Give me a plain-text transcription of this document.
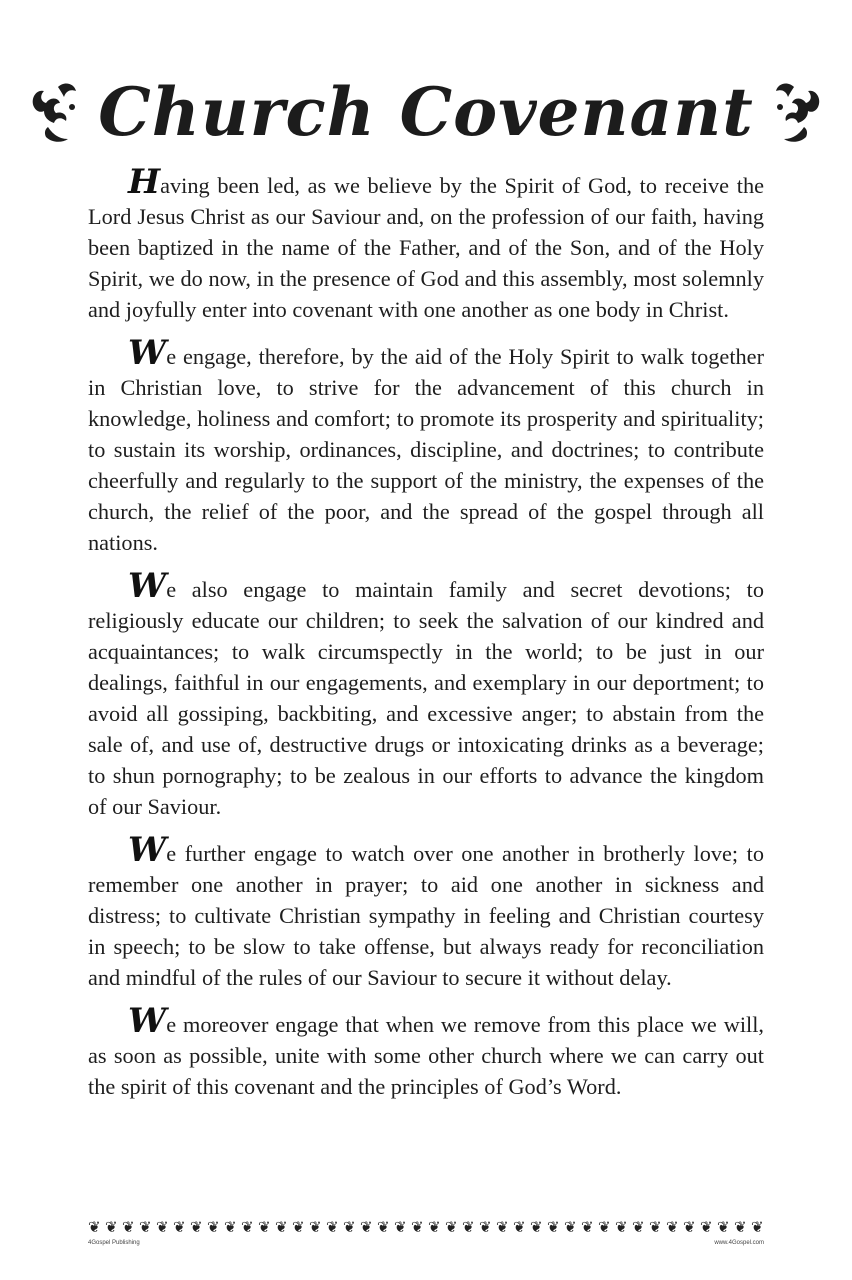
Church Covenant

Having been led, as we believe by the Spirit of God, to receive the Lord Jesus Christ as our Saviour and, on the profession of our faith, having been baptized in the name of the Father, and of the Son, and of the Holy Spirit, we do now, in the presence of God and this assembly, most solemnly and joyfully enter into covenant with one another as one body in Christ.

We engage, therefore, by the aid of the Holy Spirit to walk together in Christian love, to strive for the advancement of this church in knowledge, holiness and comfort; to promote its prosperity and spirituality; to sustain its worship, ordinances, discipline, and doctrines; to contribute cheerfully and regularly to the support of the ministry, the expenses of the church, the relief of the poor, and the spread of the gospel through all nations.

We also engage to maintain family and secret devotions; to religiously educate our children; to seek the salvation of our kindred and acquaintances; to walk circumspectly in the world; to be just in our dealings, faithful in our engagements, and exemplary in our deportment; to avoid all gossiping, backbiting, and excessive anger; to abstain from the sale of, and use of, destructive drugs or intoxicating drinks as a beverage; to shun pornography; to be zealous in our efforts to advance the kingdom of our Saviour.

We further engage to watch over one another in brotherly love; to remember one another in prayer; to aid one another in sickness and distress; to cultivate Christian sympathy in feeling and Christian courtesy in speech; to be slow to take offense, but always ready for reconciliation and mindful of the rules of our Saviour to secure it without delay.

We moreover engage that when we remove from this place we will, as soon as possible, unite with some other church where we can carry out the spirit of this covenant and the principles of God’s Word.

❦ ❦ ❦ ❦ ❦ ❦ ❦ ❦ ❦ ❦ ❦ ❦ ❦ ❦ ❦ ❦ ❦ ❦ ❦ ❦ ❦ ❦ ❦ ❦ ❦ ❦ ❦ ❦ ❦ ❦ ❦ ❦ ❦ ❦ ❦ ❦ ❦ ❦ ❦ ❦
4Gospel Publishing	www.4Gospel.com
